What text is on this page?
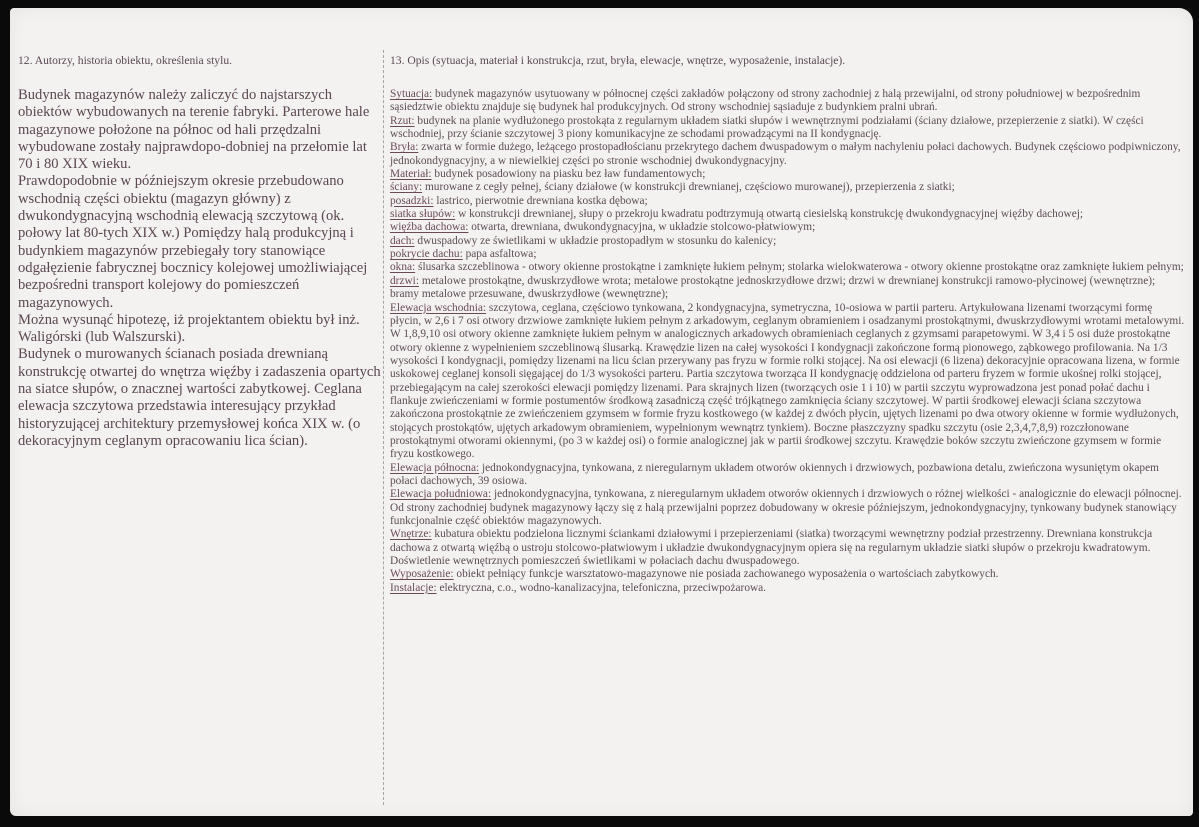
12. Autorzy, historia obiektu, określenia stylu.

Budynek magazynów należy zaliczyć do najstarszych obiektów wybudowanych na terenie fabryki. Parterowe hale magazynowe położone na północ od hali przędzalni wybudowane zostały najprawdopo-dobniej na przełomie lat 70 i 80 XIX wieku.

Prawdopodobnie w późniejszym okresie przebudowano wschodnią części obiektu (magazyn główny) z dwukondygnacyjną wschodnią elewacją szczytową (ok. połowy lat 80-tych XIX w.) Pomiędzy halą produkcyjną i budynkiem magazynów przebiegały tory stanowiące odgałęzienie fabrycznej bocznicy kolejowej umożliwiającej bezpośredni transport kolejowy do pomieszczeń magazynowych.

Można wysunąć hipotezę, iż projektantem obiektu był inż. Waligórski (lub Walszurski).

Budynek o murowanych ścianach posiada drewnianą konstrukcję otwartej do wnętrza więźby i zadaszenia opartych na siatce słupów, o znacznej wartości zabytkowej. Ceglana elewacja szczytowa przedstawia interesujący przykład historyzującej architektury przemysłowej końca XIX w. (o dekoracyjnym ceglanym opracowaniu lica ścian).

13. Opis (sytuacja, materiał i konstrukcja, rzut, bryła, elewacje, wnętrze, wyposażenie, instalacje).

Sytuacja: budynek magazynów usytuowany w północnej części zakładów połączony od strony zachodniej z halą przewijalni, od strony południowej w bezpośrednim sąsiedztwie obiektu znajduje się budynek hal produkcyjnych. Od strony wschodniej sąsiaduje z budynkiem pralni ubrań.

Rzut: budynek na planie wydłużonego prostokąta z regularnym układem siatki słupów i wewnętrznymi podziałami (ściany działowe, przepierzenie z siatki). W części wschodniej, przy ścianie szczytowej 3 piony komunikacyjne ze schodami prowadzącymi na II kondygnację.

Bryła: zwarta w formie dużego, leżącego prostopadłościanu przekrytego dachem dwuspadowym o małym nachyleniu połaci dachowych. Budynek częściowo podpiwniczony, jednokondygnacyjny, a w niewielkiej części po stronie wschodniej dwukondygnacyjny.

Materiał: budynek posadowiony na piasku bez ław fundamentowych;

ściany: murowane z cegły pełnej, ściany działowe (w konstrukcji drewnianej, częściowo murowanej), przepierzenia z siatki;

posadzki: lastrico, pierwotnie drewniana kostka dębowa;

siatka słupów: w konstrukcji drewnianej, słupy o przekroju kwadratu podtrzymują otwartą ciesielską konstrukcję dwukondygnacyjnej więźby dachowej;

więźba dachowa: otwarta, drewniana, dwukondygnacyjna, w układzie stolcowo-płatwiowym;

dach: dwuspadowy ze świetlikami w układzie prostopadłym w stosunku do kalenicy;

pokrycie dachu: papa asfaltowa;

okna: ślusarka szczeblinowa - otwory okienne prostokątne i zamknięte łukiem pełnym; stolarka wielokwaterowa - otwory okienne prostokątne oraz zamknięte łukiem pełnym;

drzwi: metalowe prostokątne, dwuskrzydłowe wrota; metalowe prostokątne jednoskrzydłowe drzwi; drzwi w drewnianej konstrukcji ramowo-płycinowej (wewnętrzne); bramy metalowe przesuwane, dwuskrzydłowe (wewnętrzne);

Elewacja wschodnia: szczytowa, ceglana, częściowo tynkowana, 2 kondygnacyjna, symetryczna, 10-osiowa w partii parteru. Artykułowana lizenami tworzącymi formę płycin, w 2,6 i 7 osi otwory drzwiowe zamknięte łukiem pełnym z arkadowym, ceglanym obramieniem i osadzanymi prostokątnymi, dwuskrzydłowymi wrotami metalowymi. W 1,8,9,10 osi otwory okienne zamknięte łukiem pełnym w analogicznych arkadowych obramieniach ceglanych z gzymsami parapetowymi. W 3,4 i 5 osi duże prostokątne otwory okienne z wypełnieniem szczeblinową ślusarką. Krawędzie lizen na całej wysokości I kondygnacji zakończone formą pionowego, ząbkowego profilowania. Na 1/3 wysokości I kondygnacji, pomiędzy lizenami na licu ścian przerywany pas fryzu w formie rolki stojącej. Na osi elewacji (6 lizena) dekoracyjnie opracowana lizena, w formie uskokowej ceglanej konsoli sięgającej do 1/3 wysokości parteru. Partia szczytowa tworząca II kondygnację oddzielona od parteru fryzem w formie ukośnej rolki stojącej, przebiegającym na całej szerokości elewacji pomiędzy lizenami. Para skrajnych lizen (tworzących osie 1 i 10) w partii szczytu wyprowadzona jest ponad połać dachu i flankuje zwieńczeniami w formie postumentów środkową zasadniczą część trójkątnego zamknięcia ściany szczytowej. W partii środkowej elewacji ściana szczytowa zakończona prostokątnie ze zwieńczeniem gzymsem w formie fryzu kostkowego (w każdej z dwóch płycin, ujętych lizenami po dwa otwory okienne w formie wydłużonych, stojących prostokątów, ujętych arkadowym obramieniem, wypełnionym wewnątrz tynkiem). Boczne płaszczyzny spadku szczytu (osie 2,3,4,7,8,9) rozczłonowane prostokątnymi otworami okiennymi, (po 3 w każdej osi) o formie analogicznej jak w partii środkowej szczytu. Krawędzie boków szczytu zwieńczone gzymsem w formie fryzu kostkowego.

Elewacja północna: jednokondygnacyjna, tynkowana, z nieregularnym układem otworów okiennych i drzwiowych, pozbawiona detalu, zwieńczona wysuniętym okapem połaci dachowych, 39 osiowa.

Elewacja południowa: jednokondygnacyjna, tynkowana, z nieregularnym układem otworów okiennych i drzwiowych o różnej wielkości - analogicznie do elewacji północnej. Od strony zachodniej budynek magazynowy łączy się z halą przewijalni poprzez dobudowany w okresie późniejszym, jednokondygnacyjny, tynkowany budynek stanowiący funkcjonalnie część obiektów magazynowych.

Wnętrze: kubatura obiektu podzielona licznymi ściankami działowymi i przepierzeniami (siatka) tworzącymi wewnętrzny podział przestrzenny. Drewniana konstrukcja dachowa z otwartą więźbą o ustroju stolcowo-płatwiowym i układzie dwukondygnacyjnym opiera się na regularnym układzie siatki słupów o przekroju kwadratowym. Doświetlenie wewnętrznych pomieszczeń świetlikami w połaciach dachu dwuspadowego.

Wyposażenie: obiekt pełniący funkcje warsztatowo-magazynowe nie posiada zachowanego wyposażenia o wartościach zabytkowych.

Instalacje: elektryczna, c.o., wodno-kanalizacyjna, telefoniczna, przeciwpożarowa.
